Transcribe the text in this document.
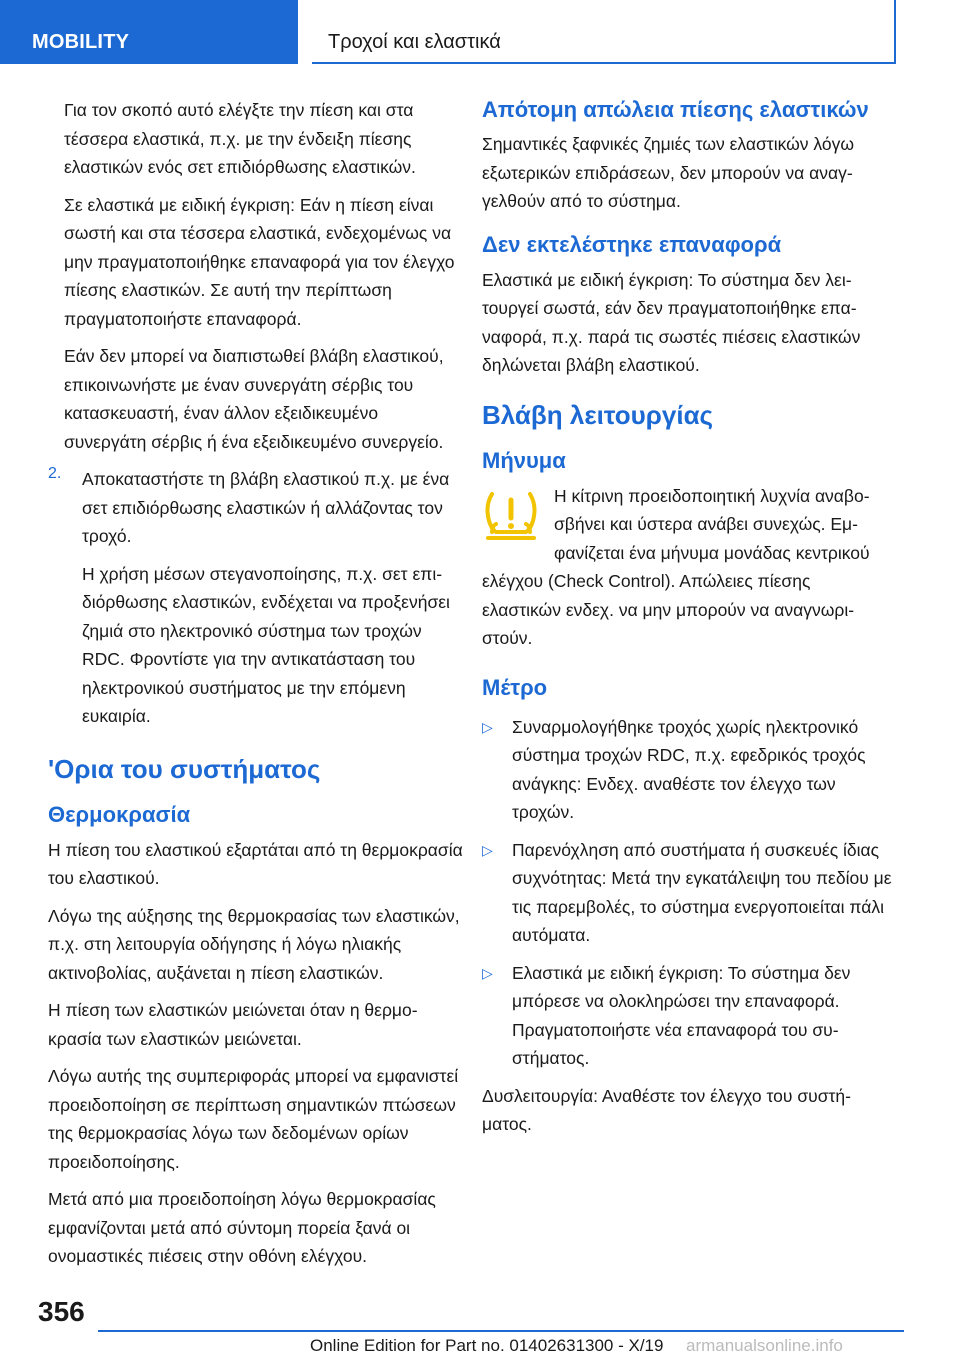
MOBILITY	Τροχοί και ελαστικά

Για τον σκοπό αυτό ελέγξτε την πίεση και στα τέσσερα ελαστικά, π.χ. με την ένδειξη πίεσης ελαστικών ενός σετ επιδιόρθωσης ελαστικών.

Σε ελαστικά με ειδική έγκριση: Εάν η πίεση είναι σωστή και στα τέσσερα ελαστικά, ενδεχομένως να μην πραγματοποιήθηκε επαναφορά για τον έλεγχο πίεσης ελαστικών. Σε αυτή την περίπτωση πραγματοποιήστε επαναφορά.

Εάν δεν μπορεί να διαπιστωθεί βλάβη ελαστικού, επικοινωνήστε με έναν συνεργάτη σέρβις του κατασκευαστή, έναν άλλον εξειδικευμένο συνεργάτη σέρβις ή ένα εξειδικευμένο συνεργείο.

2.	Αποκαταστήστε τη βλάβη ελαστικού π.χ. με ένα σετ επιδιόρθωσης ελαστικών ή αλλάζοντας τον τροχό.

Η χρήση μέσων στεγανοποίησης, π.χ. σετ επιδιόρθωσης ελαστικών, ενδέχεται να προξενήσει ζημιά στο ηλεκτρονικό σύστημα των τροχών RDC. Φροντίστε για την αντικατάσταση του ηλεκτρονικού συστήματος με την επόμενη ευκαιρία.

'Ορια του συστήματος
Θερμοκρασία

Η πίεση του ελαστικού εξαρτάται από τη θερμοκρασία του ελαστικού.

Λόγω της αύξησης της θερμοκρασίας των ελαστικών, π.χ. στη λειτουργία οδήγησης ή λόγω ηλιακής ακτινοβολίας, αυξάνεται η πίεση ελαστικών.

Η πίεση των ελαστικών μειώνεται όταν η θερμοκρασία των ελαστικών μειώνεται.

Λόγω αυτής της συμπεριφοράς μπορεί να εμφανιστεί προειδοποίηση σε περίπτωση σημαντικών πτώσεων της θερμοκρασίας λόγω των δεδομένων ορίων προειδοποίησης.

Μετά από μια προειδοποίηση λόγω θερμοκρασίας εμφανίζονται μετά από σύντομη πορεία ξανά οι ονομαστικές πιέσεις στην οθόνη ελέγχου.

Απότομη απώλεια πίεσης ελαστικών

Σημαντικές ξαφνικές ζημιές των ελαστικών λόγω εξωτερικών επιδράσεων, δεν μπορούν να αναγγελθούν από το σύστημα.

Δεν εκτελέστηκε επαναφορά

Ελαστικά με ειδική έγκριση: Το σύστημα δεν λειτουργεί σωστά, εάν δεν πραγματοποιήθηκε επαναφορά, π.χ. παρά τις σωστές πιέσεις ελαστικών δηλώνεται βλάβη ελαστικού.

Βλάβη λειτουργίας
Μήνυμα

Η κίτρινη προειδοποιητική λυχνία αναβοσβήνει και ύστερα ανάβει συνεχώς. Εμφανίζεται ένα μήνυμα μονάδας κεντρικού ελέγχου (Check Control). Απώλειες πίεσης ελαστικών ενδεχ. να μην μπορούν να αναγνωριστούν.

Μέτρο
▷	Συναρμολογήθηκε τροχός χωρίς ηλεκτρονικό σύστημα τροχών RDC, π.χ. εφεδρικός τροχός ανάγκης: Ενδεχ. αναθέστε τον έλεγχο των τροχών.
▷	Παρενόχληση από συστήματα ή συσκευές ίδιας συχνότητας: Μετά την εγκατάλειψη του πεδίου με τις παρεμβολές, το σύστημα ενεργοποιείται πάλι αυτόματα.
▷	Ελαστικά με ειδική έγκριση: Το σύστημα δεν μπόρεσε να ολοκληρώσει την επαναφορά. Πραγματοποιήστε νέα επαναφορά του συστήματος.

Δυσλειτουργία: Αναθέστε τον έλεγχο του συστήματος.

356
Online Edition for Part no. 01402631300 - X/19 armanualsonline.info
